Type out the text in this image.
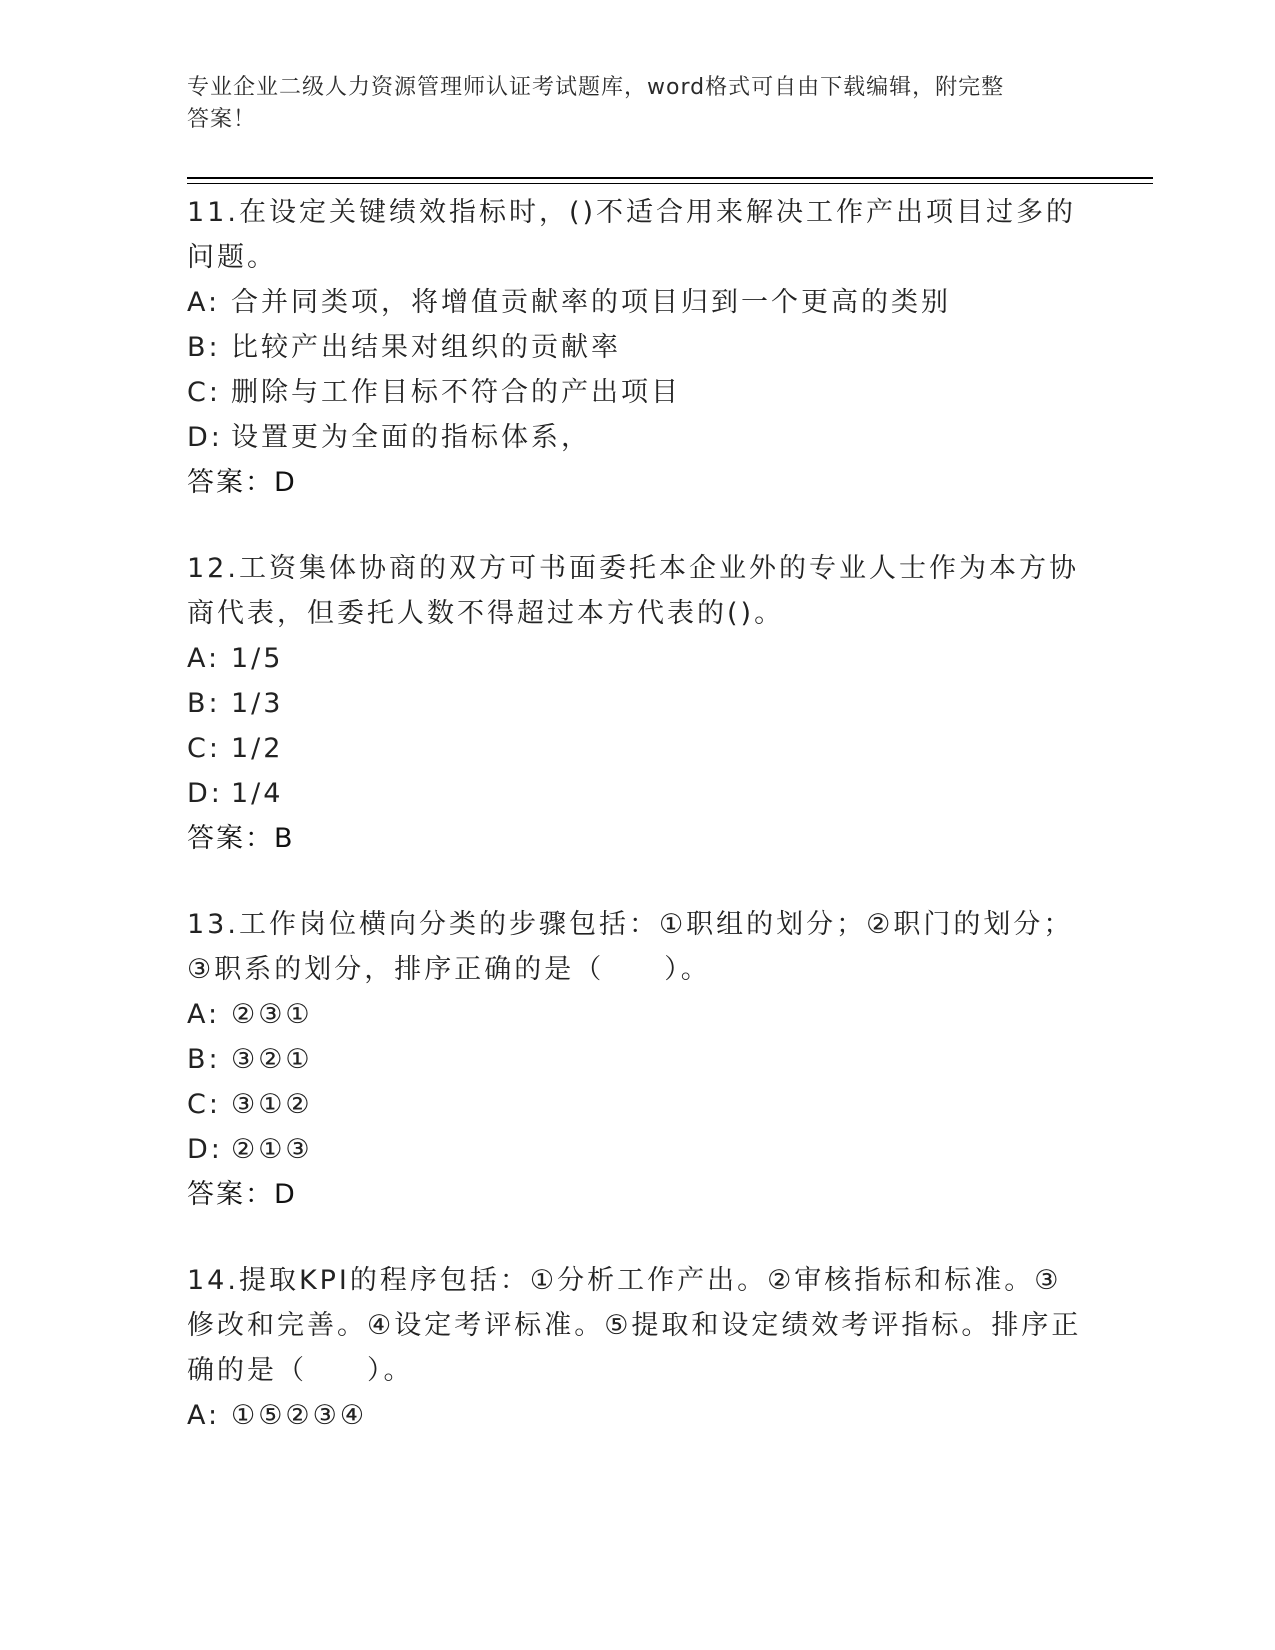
专业企业二级人力资源管理师认证考试题库，word格式可自由下载编辑，附完整
答案！

11.在设定关键绩效指标时，()不适合用来解决工作产出项目过多的问题。

A: 合并同类项，将增值贡献率的项目归到一个更高的类别

B: 比较产出结果对组织的贡献率

C: 删除与工作目标不符合的产出项目

D: 设置更为全面的指标体系，

答案：D

12.工资集体协商的双方可书面委托本企业外的专业人士作为本方协商代表，但委托人数不得超过本方代表的()。

A: 1/5

B: 1/3

C: 1/2

D: 1/4

答案：B

13.工作岗位横向分类的步骤包括：①职组的划分；②职门的划分；③职系的划分，排序正确的是（　　）。

A: ②③①

B: ③②①

C: ③①②

D: ②①③

答案：D

14.提取KPI的程序包括：①分析工作产出。②审核指标和标准。③修改和完善。④设定考评标准。⑤提取和设定绩效考评指标。排序正确的是（　　）。

A: ①⑤②③④
